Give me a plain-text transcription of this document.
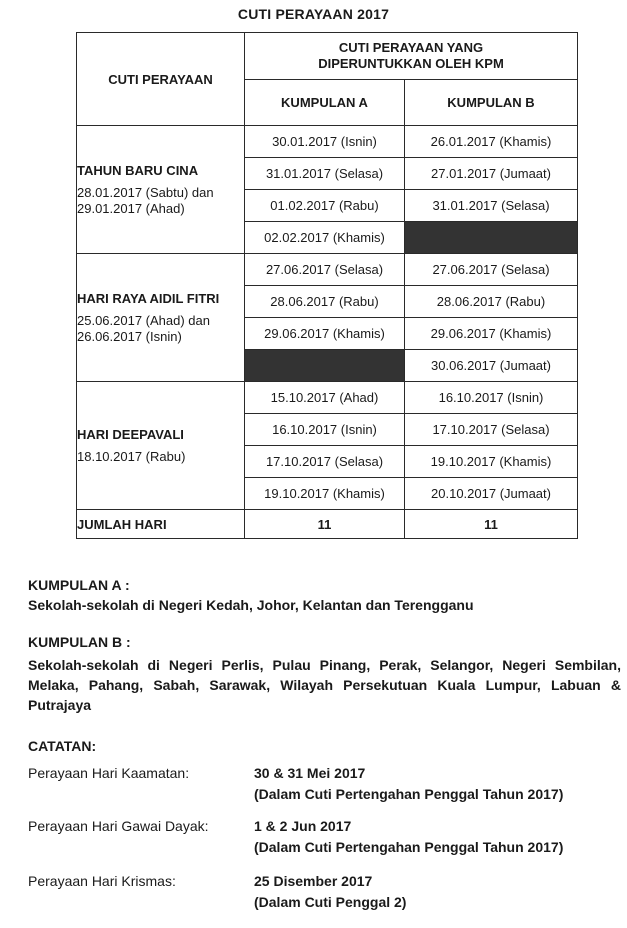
CUTI PERAYAAN 2017
CUTI PERAYAAN	CUTI PERAYAAN YANG
DIPERUNTUKKAN OLEH KPM	
	KUMPULAN A	KUMPULAN B

TAHUN BARU CINA
28.01.2017 (Sabtu) dan 29.01.2017 (Ahad)	30.01.2017 (Isnin)	26.01.2017 (Khamis)
	31.01.2017 (Selasa)	27.01.2017 (Jumaat)
	01.02.2017 (Rabu)	31.01.2017 (Selasa)
	02.02.2017 (Khamis)	

HARI RAYA AIDIL FITRI
25.06.2017 (Ahad) dan 26.06.2017 (Isnin)	27.06.2017 (Selasa)	27.06.2017 (Selasa)
	28.06.2017 (Rabu)	28.06.2017 (Rabu)
	29.06.2017 (Khamis)	29.06.2017 (Khamis)
		30.06.2017 (Jumaat)

HARI DEEPAVALI
18.10.2017 (Rabu)	15.10.2017 (Ahad)	16.10.2017 (Isnin)
	16.10.2017 (Isnin)	17.10.2017 (Selasa)
	17.10.2017 (Selasa)	19.10.2017 (Khamis)
	19.10.2017 (Khamis)	20.10.2017 (Jumaat)
JUMLAH HARI	11	11
KUMPULAN A :
Sekolah-sekolah di Negeri Kedah, Johor, Kelantan dan Terengganu
KUMPULAN B :
Sekolah-sekolah di Negeri Perlis, Pulau Pinang, Perak, Selangor, Negeri Sembilan, Melaka, Pahang, Sabah, Sarawak, Wilayah Persekutuan Kuala Lumpur, Labuan & Putrajaya
CATATAN:
Perayaan Hari Kaamatan:	30 & 31 Mei 2017
(Dalam Cuti Pertengahan Penggal Tahun 2017)
Perayaan Hari Gawai Dayak:	1 & 2 Jun 2017
(Dalam Cuti Pertengahan Penggal Tahun 2017)
Perayaan Hari Krismas:	25 Disember 2017
(Dalam Cuti Penggal 2)
